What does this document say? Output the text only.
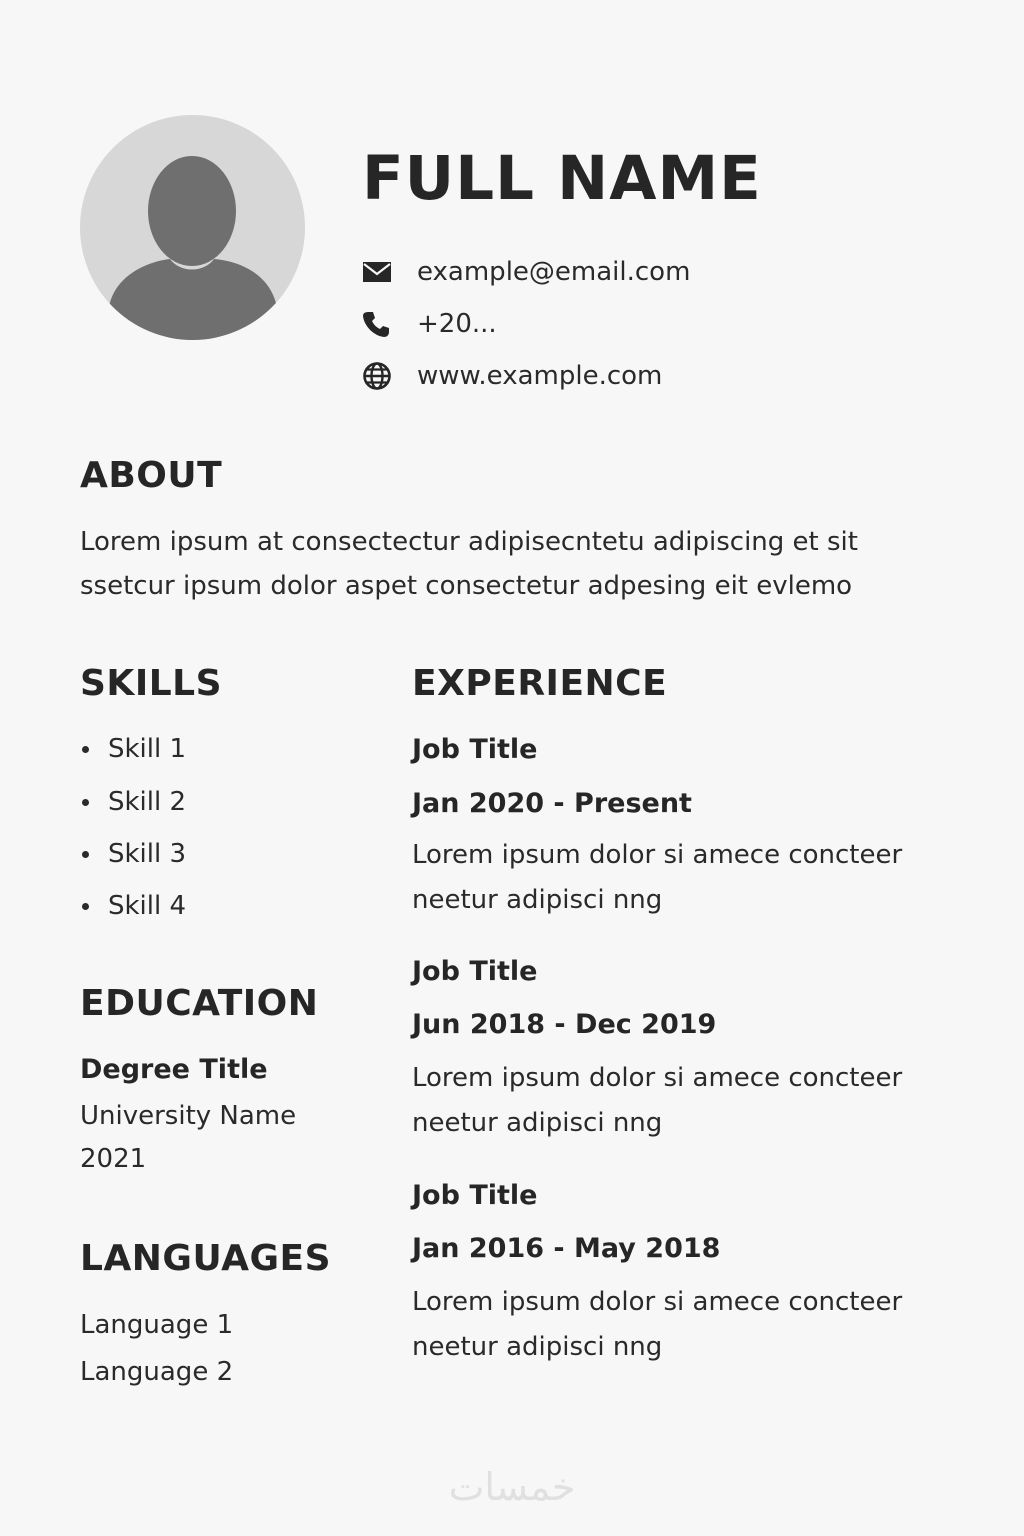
FULL NAME
example@email.com
+20...
www.example.com
ABOUT

Lorem ipsum at consectectur adipisecntetu adipiscing et sit ssetcur ipsum dolor aspet consectetur adpesing eit evlemo

SKILLS
Skill 1
Skill 2
Skill 3
Skill 4
EDUCATION

Degree Title

University Name

2021

LANGUAGES

Language 1

Language 2

EXPERIENCE

Job Title

Jan 2020 - Present

Lorem ipsum dolor si amece concteer neetur adipisci nng

Job Title

Jun 2018 - Dec 2019

Lorem ipsum dolor si amece concteer neetur adipisci nng

Job Title

Jan 2016 - May 2018

Lorem ipsum dolor si amece concteer neetur adipisci nng

خمسات
